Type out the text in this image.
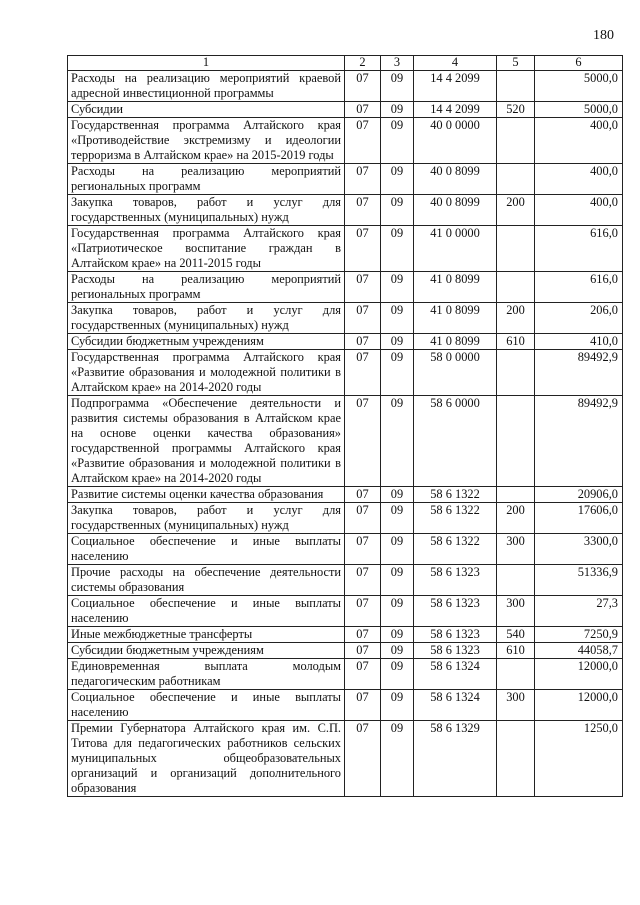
180
1	2	3	4	5	6
Расходы на реализацию мероприятий краевой адресной инвестиционной программы	07	09	14 4 2099		5000,0
Субсидии	07	09	14 4 2099	520	5000,0
Государственная программа Алтайского края «Противодействие экстремизму и идеологии терроризма в Алтайском крае» на 2015-2019 годы	07	09	40 0 0000		400,0
Расходы на реализацию мероприятий региональных программ	07	09	40 0 8099		400,0
Закупка товаров, работ и услуг для государственных (муниципальных) нужд	07	09	40 0 8099	200	400,0
Государственная программа Алтайского края «Патриотическое воспитание граждан в Алтайском крае» на 2011-2015 годы	07	09	41 0 0000		616,0
Расходы на реализацию мероприятий региональных программ	07	09	41 0 8099		616,0
Закупка товаров, работ и услуг для государственных (муниципальных) нужд	07	09	41 0 8099	200	206,0
Субсидии бюджетным учреждениям	07	09	41 0 8099	610	410,0
Государственная программа Алтайского края «Развитие образования и молодежной политики в Алтайском крае» на 2014-2020 годы	07	09	58 0 0000		89492,9
Подпрограмма «Обеспечение деятельности и развития системы образования в Алтайском крае на основе оценки качества образования» государственной программы Алтайского края «Развитие образования и молодежной политики в Алтайском крае» на 2014-2020 годы	07	09	58 6 0000		89492,9
Развитие системы оценки качества образования	07	09	58 6 1322		20906,0
Закупка товаров, работ и услуг для государственных (муниципальных) нужд	07	09	58 6 1322	200	17606,0
Социальное обеспечение и иные выплаты населению	07	09	58 6 1322	300	3300,0
Прочие расходы на обеспечение деятельности системы образования	07	09	58 6 1323		51336,9
Социальное обеспечение и иные выплаты населению	07	09	58 6 1323	300	27,3
Иные межбюджетные трансферты	07	09	58 6 1323	540	7250,9
Субсидии бюджетным учреждениям	07	09	58 6 1323	610	44058,7
Единовременная выплата молодым педагогическим работникам	07	09	58 6 1324		12000,0
Социальное обеспечение и иные выплаты населению	07	09	58 6 1324	300	12000,0
Премии Губернатора Алтайского края им. С.П. Титова для педагогических работников сельских муниципальных общеобразовательных организаций и организаций дополнительного образования	07	09	58 6 1329		1250,0
